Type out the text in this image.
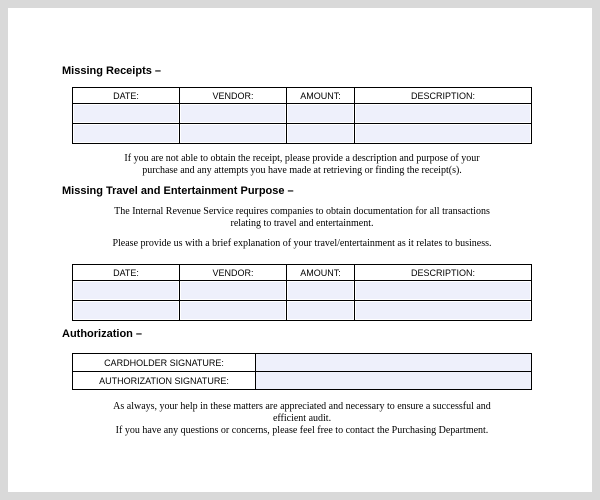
Missing Receipts –
DATE:	VENDOR:	AMOUNT:	DESCRIPTION:

If you are not able to obtain the receipt, please provide a description and purpose of your
purchase and any attempts you have made at retrieving or finding the receipt(s).
Missing Travel and Entertainment Purpose –
The Internal Revenue Service requires companies to obtain documentation for all transactions
relating to travel and entertainment.
Please provide us with a brief explanation of your travel/entertainment as it relates to business.
DATE:	VENDOR:	AMOUNT:	DESCRIPTION:

Authorization –
CARDHOLDER SIGNATURE:	
AUTHORIZATION SIGNATURE:	
As always, your help in these matters are appreciated and necessary to ensure a successful and
efficient audit.
If you have any questions or concerns, please feel free to contact the Purchasing Department.
